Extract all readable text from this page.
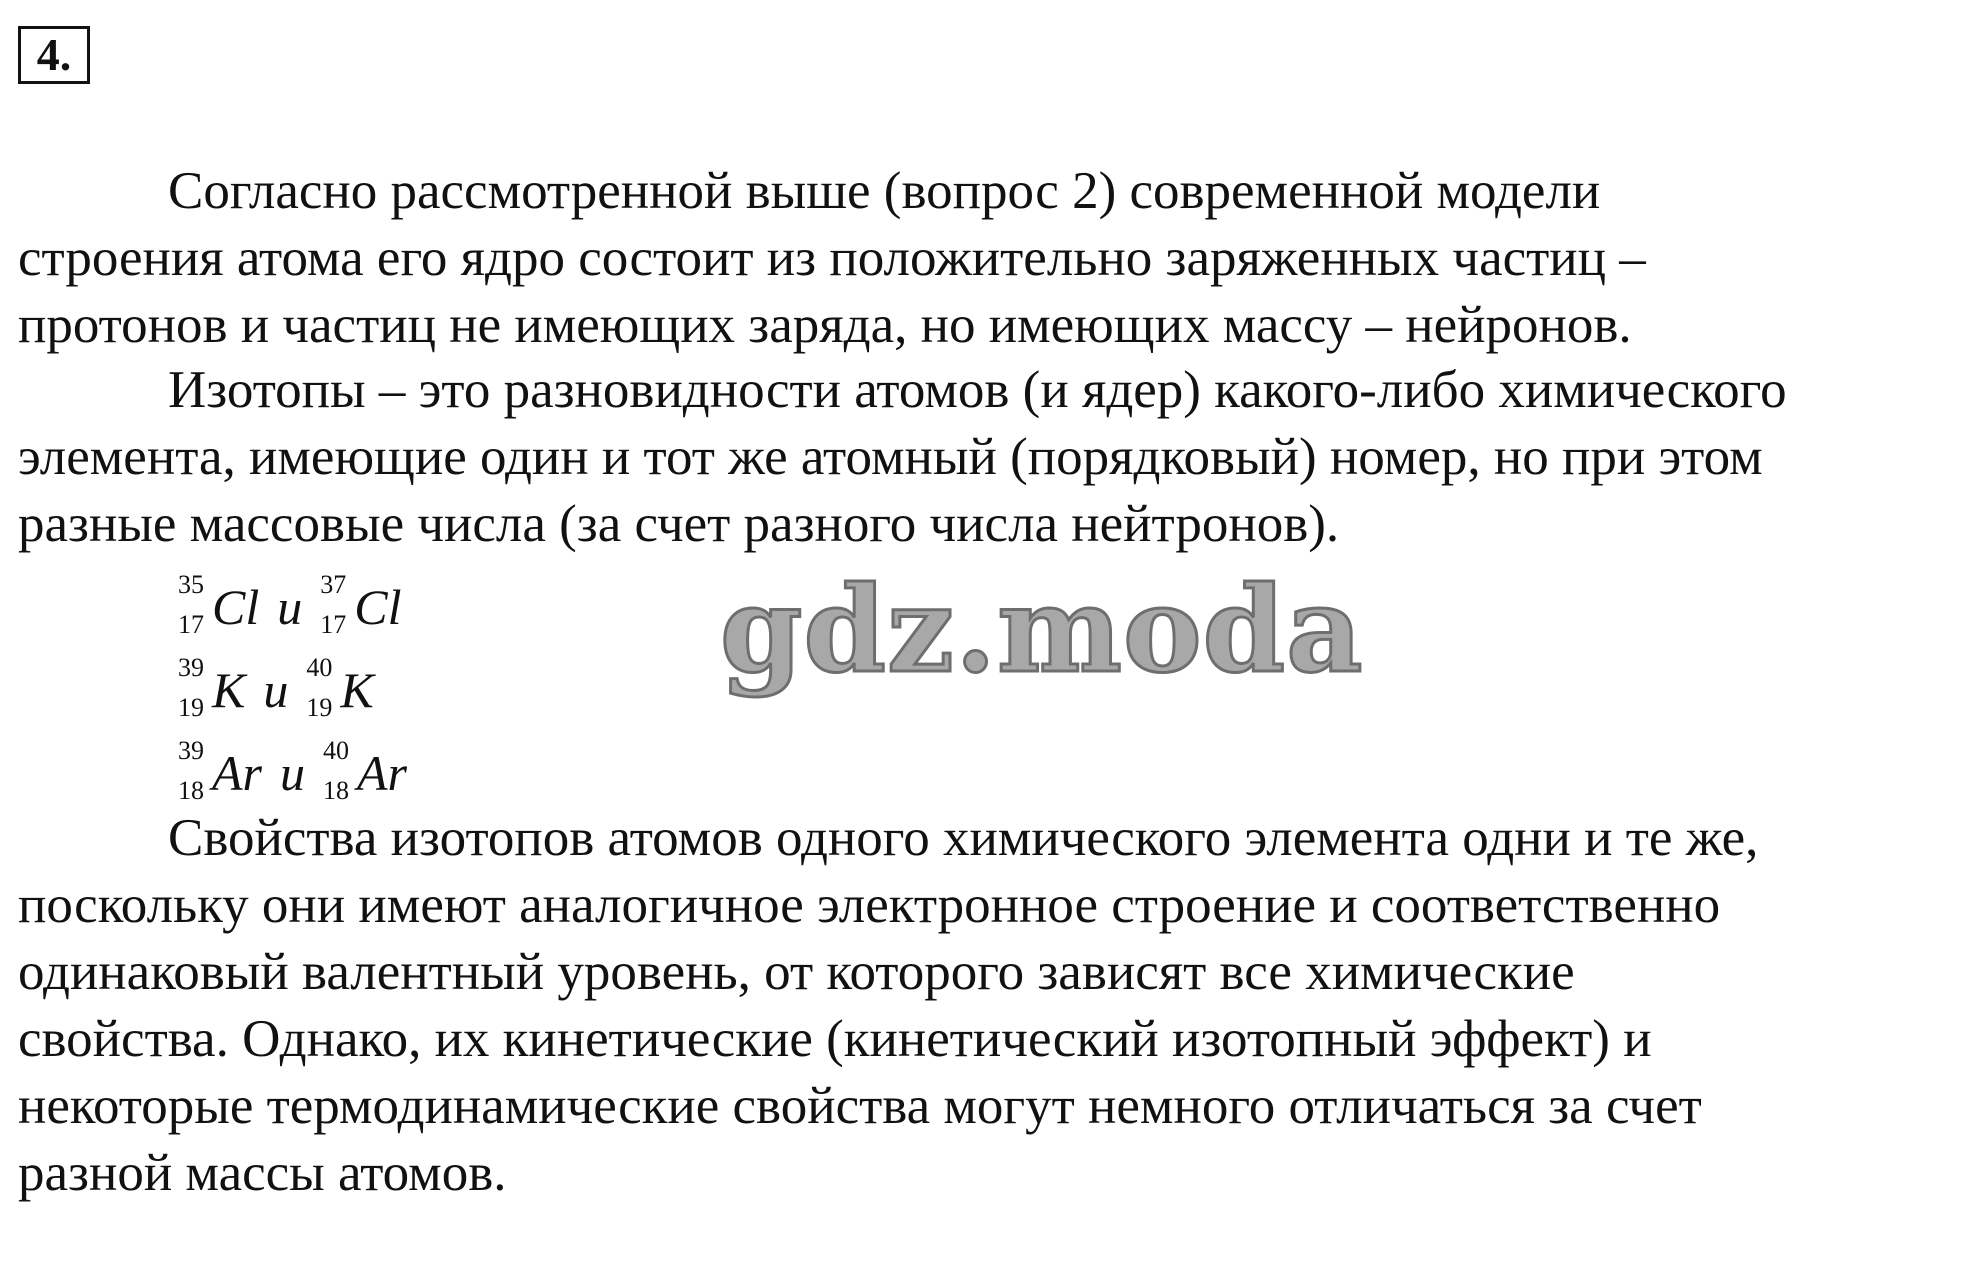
4.
Согласно рассмотренной выше (вопрос 2) современной модели
строения атома его ядро состоит из положительно заряженных частиц –
протонов и частиц не имеющих заряда, но имеющих массу – нейронов.
Изотопы – это разновидности атомов (и ядер) какого-либо химического
элемента, имеющие один и тот же атомный (порядковый) номер, но при этом
разные массовые числа (за счет разного числа нейтронов).
35
17 Cl и 37
17 Cl
39
19 K и 40
19 K
39
18 Ar и 40
18 Ar
Свойства изотопов атомов одного химического элемента одни и те же,
поскольку они имеют аналогичное электронное строение и соответственно
одинаковый валентный уровень, от которого зависят все химические
свойства. Однако, их кинетические (кинетический изотопный эффект) и
некоторые термодинамические свойства могут немного отличаться за счет
разной массы атомов.
gdz.moda
